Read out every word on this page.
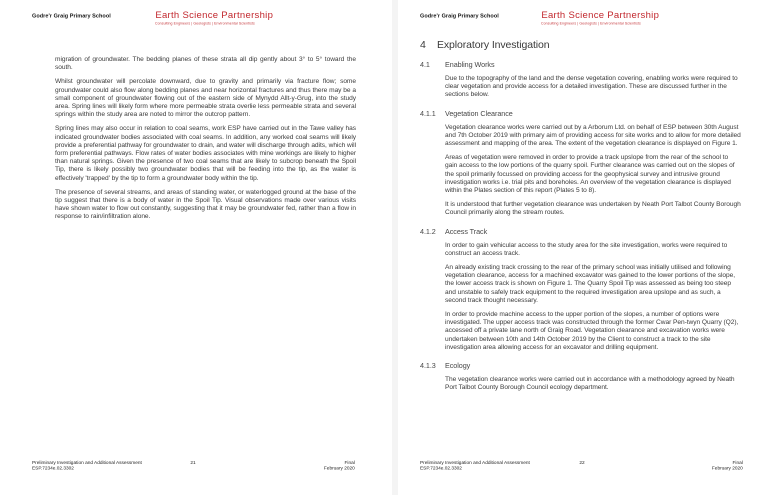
Godre'r Graig Primary School	Earth Science Partnership
Consulting Engineers | Geologists | Environmental Scientists

migration of groundwater. The bedding planes of these strata all dip gently about 3° to 5° toward the south.

Whilst groundwater will percolate downward, due to gravity and primarily via fracture flow; some groundwater could also flow along bedding planes and near horizontal fractures and thus there may be a small component of groundwater flowing out of the eastern side of Mynydd Allt-y-Grug, into the study area. Spring lines will likely form where more permeable strata overlie less permeable strata and several springs within the study area are noted to mirror the outcrop pattern.

Spring lines may also occur in relation to coal seams, work ESP have carried out in the Tawe valley has indicated groundwater bodies associated with coal seams. In addition, any worked coal seams will likely provide a preferential pathway for groundwater to drain, and water will discharge through adits, which will form preferential pathways. Flow rates of water bodies associates with mine workings are likely to higher than natural springs. Given the presence of two coal seams that are likely to subcrop beneath the Spoil Tip, there is likely possibly two groundwater bodies that will be feeding into the tip, as the water is effectively 'trapped' by the tip to form a groundwater body within the tip.

The presence of several streams, and areas of standing water, or waterlogged ground at the base of the tip suggest that there is a body of water in the Spoil Tip. Visual observations made over various visits have shown water to flow out constantly, suggesting that it may be groundwater fed, rather than a flow in response to rain/infiltration alone.

Preliminary Investigation and Additional Assessment
ESP.7234e.02.3302
21	Final
February 2020
Godre'r Graig Primary School	Earth Science Partnership
Consulting Engineers | Geologists | Environmental Scientists
4	Exploratory Investigation
4.1	Enabling Works

Due to the topography of the land and the dense vegetation covering, enabling works were required to clear vegetation and provide access for a detailed investigation. These are discussed further in the sections below.

4.1.1	Vegetation Clearance

Vegetation clearance works were carried out by a Arborum Ltd. on behalf of ESP between 30th August and 7th October 2019 with primary aim of providing access for site works and to allow for more detailed assessment and mapping of the area. The extent of the vegetation clearance is displayed on Figure 1.

Areas of vegetation were removed in order to provide a track upslope from the rear of the school to gain access to the low portions of the quarry spoil. Further clearance was carried out on the slopes of the spoil primarily focussed on providing access for the geophysical survey and intrusive ground investigation works i.e. trial pits and boreholes. An overview of the vegetation clearance is displayed within the Plates section of this report (Plates 5 to 8).

It is understood that further vegetation clearance was undertaken by Neath Port Talbot County Borough Council primarily along the stream routes.

4.1.2	Access Track

In order to gain vehicular access to the study area for the site investigation, works were required to construct an access track.

An already existing track crossing to the rear of the primary school was initially utilised and following vegetation clearance, access for a machined excavator was gained to the lower portions of the slope, the lower access track is shown on Figure 1. The Quarry Spoil Tip was assessed as being too steep and unstable to safely track equipment to the required investigation area upslope and as such, a second track thought necessary.

In order to provide machine access to the upper portion of the slopes, a number of options were investigated. The upper access track was constructed through the former Cwar Pen-twyn Quarry (Q2), accessed off a private lane north of Graig Road. Vegetation clearance and excavation works were undertaken between 10th and 14th October 2019 by the Client to construct a track to the site investigation area allowing access for an excavator and drilling equipment.

4.1.3	Ecology

The vegetation clearance works were carried out in accordance with a methodology agreed by Neath Port Talbot County Borough Council ecology department.

Preliminary Investigation and Additional Assessment
ESP.7234e.02.3302
22	Final
February 2020
